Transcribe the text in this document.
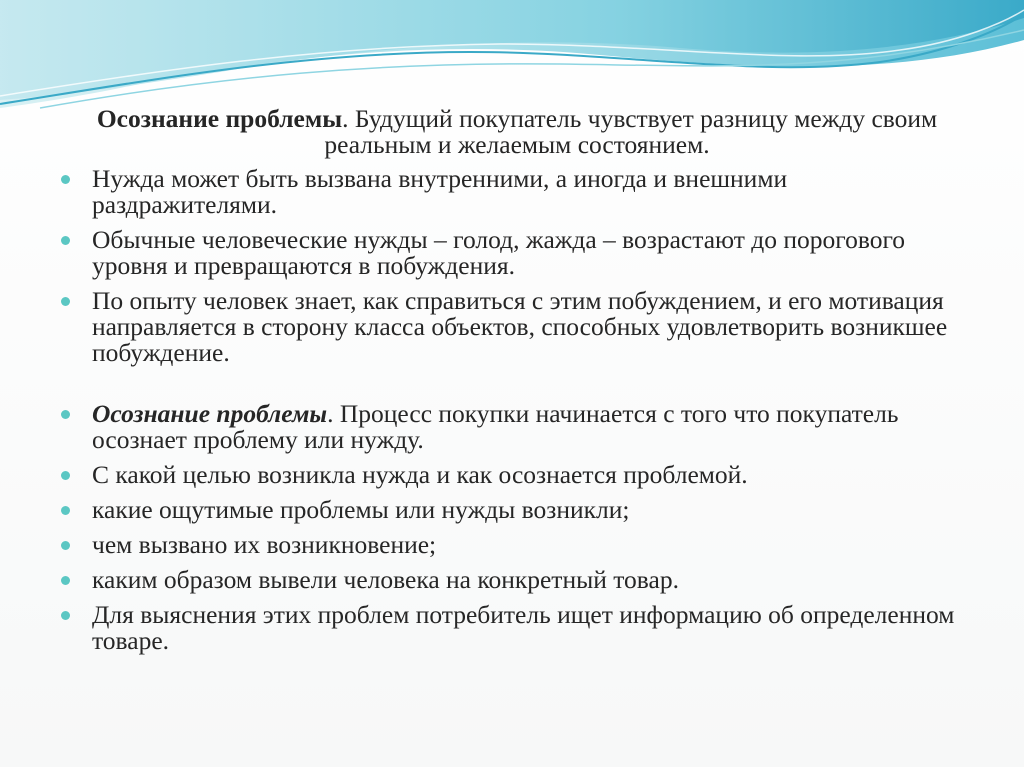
Осознание проблемы. Будущий покупатель чувствует разницу между своим реальным и желаемым состоянием.
Нужда может быть вызвана внутренними, а иногда и внешними раздражителями.
Обычные человеческие нужды – голод, жажда – возрастают до порогового уровня и превращаются в побуждения.
По опыту человек знает, как справиться с этим побуждением, и его мотивация направляется в сторону класса объектов, способных удовлетворить возникшее побуждение.
Осознание проблемы. Процесс покупки начинается с того что покупатель осознает проблему или нужду.
С какой целью возникла нужда и как осознается проблемой.
какие ощутимые проблемы или нужды возникли;
чем вызвано их возникновение;
каким образом вывели человека на конкретный товар.
Для выяснения этих проблем потребитель ищет информацию об определенном товаре.
